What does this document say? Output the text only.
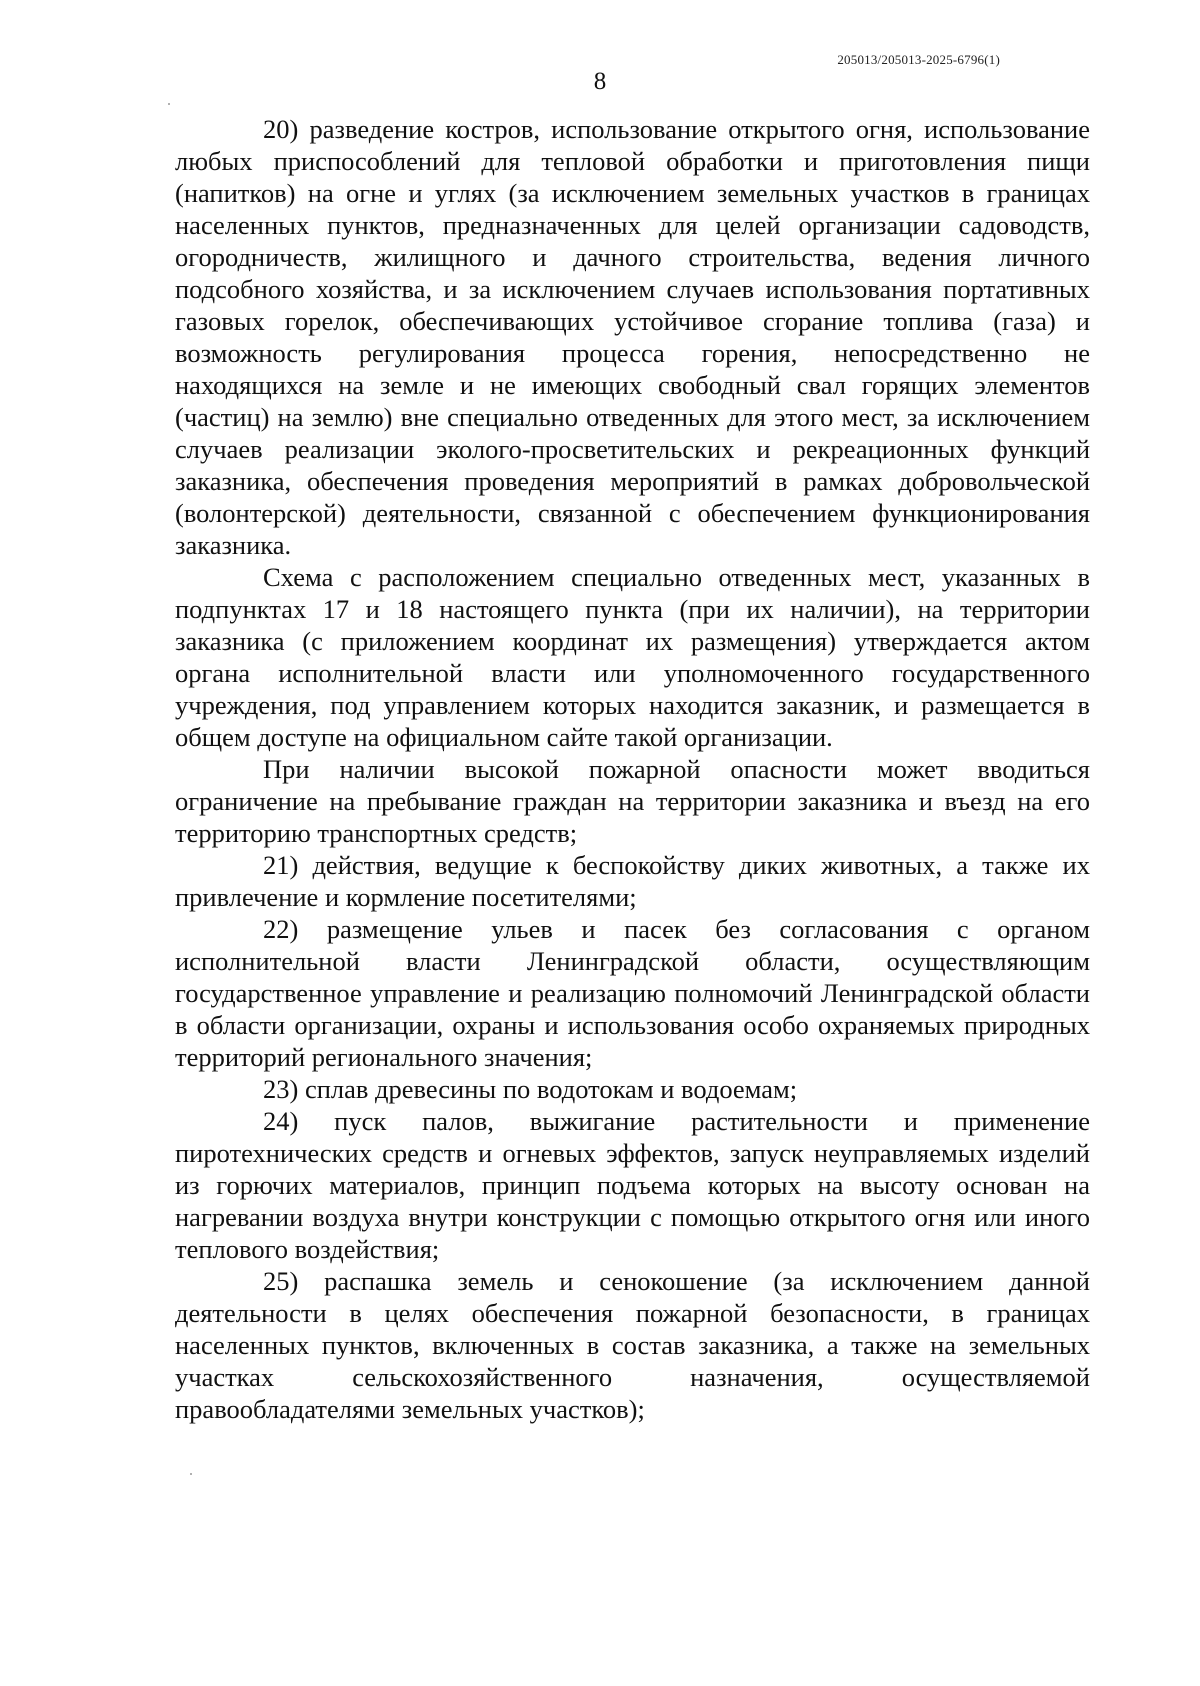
205013/205013-2025-6796(1)
8

20) разведение костров, использование открытого огня, использование любых приспособлений для тепловой обработки и приготовления пищи (напитков) на огне и углях (за исключением земельных участков в границах населенных пунктов, предназначенных для целей организации садоводств, огородничеств, жилищного и дачного строительства, ведения личного подсобного хозяйства, и за исключением случаев использования портативных газовых горелок, обеспечивающих устойчивое сгорание топлива (газа) и возможность регулирования процесса горения, непосредственно не находящихся на земле и не имеющих свободный свал горящих элементов (частиц) на землю) вне специально отведенных для этого мест, за исключением случаев реализации эколого-просветительских и рекреационных функций заказника, обеспечения проведения мероприятий в рамках добровольческой (волонтерской) деятельности, связанной с обеспечением функционирования заказника.

Схема с расположением специально отведенных мест, указанных в подпунктах 17 и 18 настоящего пункта (при их наличии), на территории заказника (с приложением координат их размещения) утверждается актом органа исполнительной власти или уполномоченного государственного учреждения, под управлением которых находится заказник, и размещается в общем доступе на официальном сайте такой организации.

При наличии высокой пожарной опасности может вводиться ограничение на пребывание граждан на территории заказника и въезд на его территорию транспортных средств;

21) действия, ведущие к беспокойству диких животных, а также их привлечение и кормление посетителями;

22) размещение ульев и пасек без согласования с органом исполнительной власти Ленинградской области, осуществляющим государственное управление и реализацию полномочий Ленинградской области в области организации, охраны и использования особо охраняемых природных территорий регионального значения;

23) сплав древесины по водотокам и водоемам;

24) пуск палов, выжигание растительности и применение пиротехнических средств и огневых эффектов, запуск неуправляемых изделий из горючих материалов, принцип подъема которых на высоту основан на нагревании воздуха внутри конструкции с помощью открытого огня или иного теплового воздействия;

25) распашка земель и сенокошение (за исключением данной деятельности в целях обеспечения пожарной безопасности, в границах населенных пунктов, включенных в состав заказника, а также на земельных участках сельскохозяйственного назначения, осуществляемой правообладателями земельных участков);
